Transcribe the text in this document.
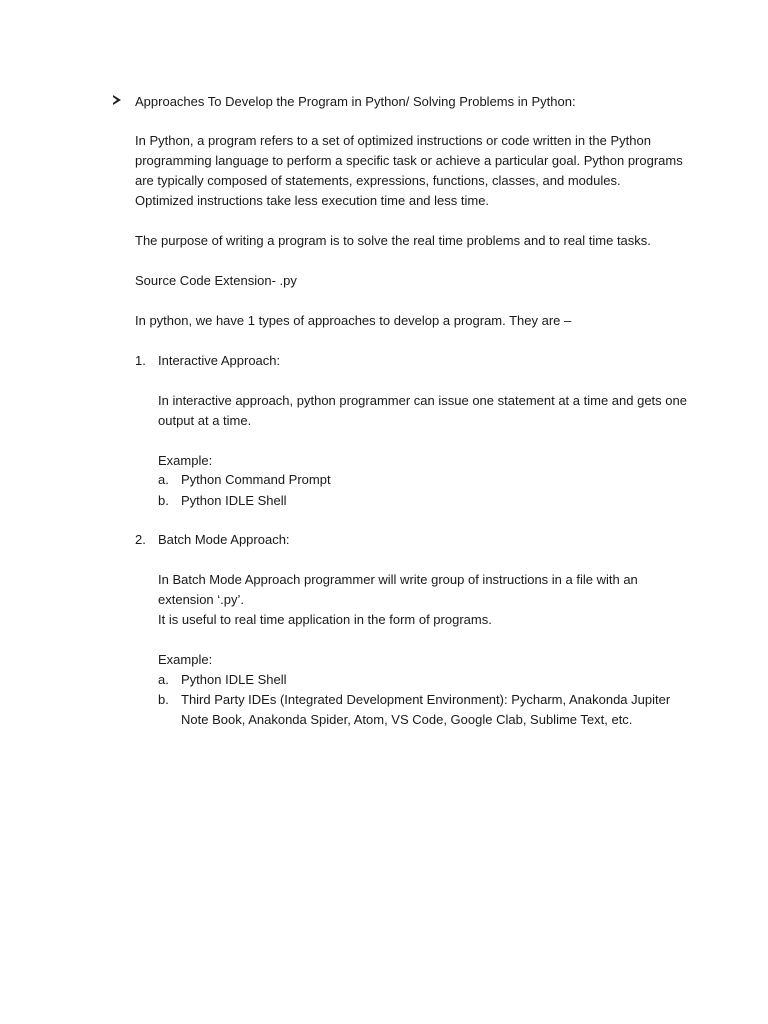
Approaches To Develop the Program in Python/ Solving Problems in Python:
In Python, a program refers to a set of optimized instructions or code written in the Python
programming language to perform a specific task or achieve a particular goal. Python programs
are typically composed of statements, expressions, functions, classes, and modules.
Optimized instructions take less execution time and less time.
The purpose of writing a program is to solve the real time problems and to real time tasks.
Source Code Extension- .py
In python, we have 1 types of approaches to develop a program. They are –
1. Interactive Approach:
In interactive approach, python programmer can issue one statement at a time and gets one
output at a time.
Example:
a. Python Command Prompt
b. Python IDLE Shell
2. Batch Mode Approach:
In Batch Mode Approach programmer will write group of instructions in a file with an
extension ‘.py’.
It is useful to real time application in the form of programs.
Example:
a. Python IDLE Shell
b. Third Party IDEs (Integrated Development Environment): Pycharm, Anakonda Jupiter
Note Book, Anakonda Spider, Atom, VS Code, Google Clab, Sublime Text, etc.
